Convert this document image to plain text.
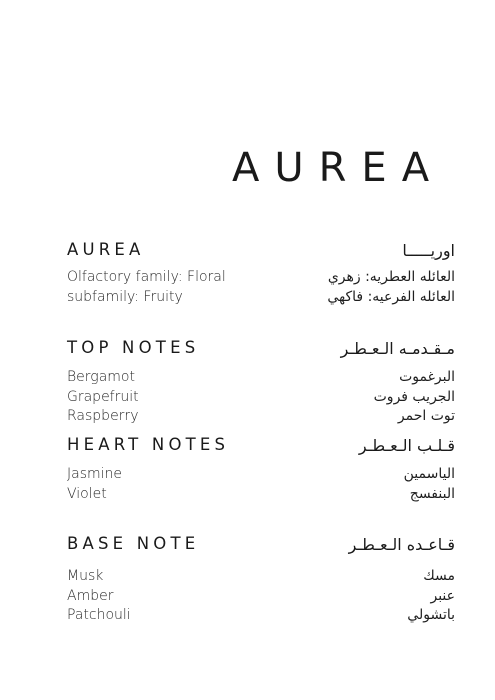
AUREA
AUREA	اوريـــــا
Olfactory family: Floral	العائله العطريه: زهري
subfamily: Fruity	العائله الفرعيه: فاكهي
TOP NOTES	مـقـدمـه الـعـطـر
Bergamot	البرغموت
Grapefruit	الجريب فروت
Raspberry	توت احمر
HEART NOTES	قـلـب الـعـطـر
Jasmine	الياسمين
Violet	البنفسج
BASE NOTE	قـاعـده الـعـطـر
Musk	مسك
Amber	عنبر
Patchouli	باتشولي
